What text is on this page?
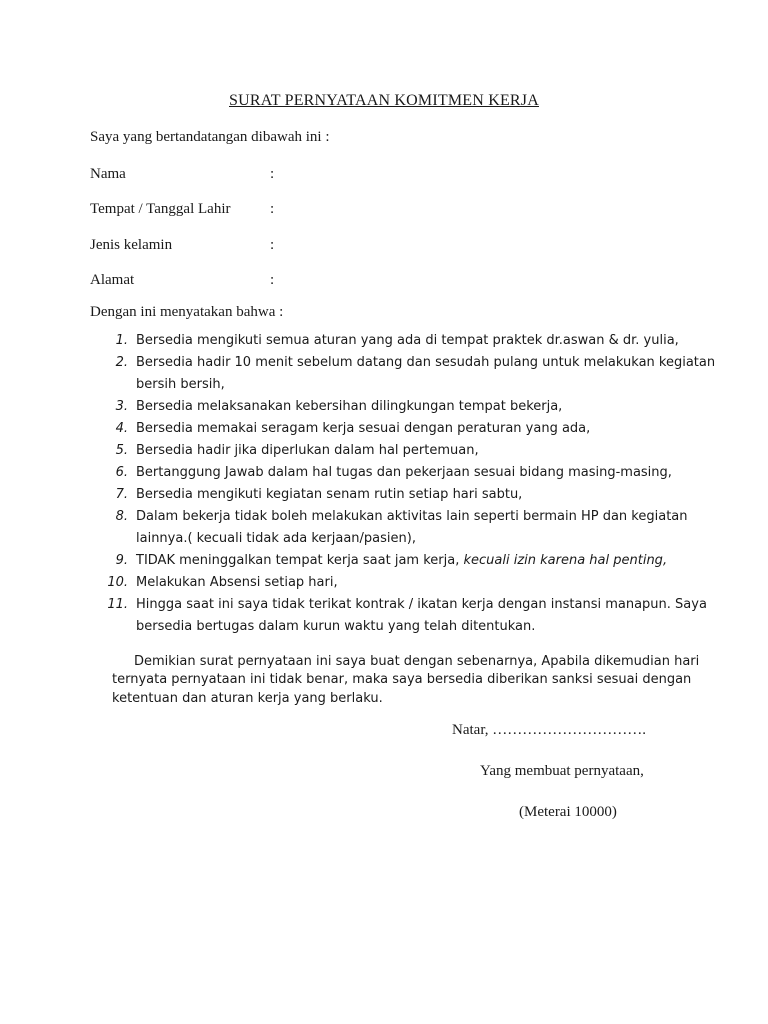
SURAT PERNYATAAN KOMITMEN KERJA
Saya yang bertandatangan dibawah ini :
Nama	:
Tempat / Tanggal Lahir	:
Jenis kelamin	:
Alamat	:
Dengan ini menyatakan bahwa :
1. Bersedia mengikuti semua aturan yang ada di tempat praktek dr.aswan & dr. yulia,
2. Bersedia hadir 10 menit sebelum datang dan sesudah pulang untuk melakukan kegiatan
bersih bersih,
3. Bersedia melaksanakan kebersihan dilingkungan tempat bekerja,
4. Bersedia memakai seragam kerja sesuai dengan peraturan yang ada,
5. Bersedia hadir jika diperlukan dalam hal pertemuan,
6. Bertanggung Jawab dalam hal tugas dan pekerjaan sesuai bidang masing-masing,
7. Bersedia mengikuti kegiatan senam rutin setiap hari sabtu,
8. Dalam bekerja tidak boleh melakukan aktivitas lain seperti bermain HP dan kegiatan
lainnya.( kecuali tidak ada kerjaan/pasien),
9. TIDAK meninggalkan tempat kerja saat jam kerja, kecuali izin karena hal penting,
10. Melakukan Absensi setiap hari,
11. Hingga saat ini saya tidak terikat kontrak / ikatan kerja dengan instansi manapun. Saya
bersedia bertugas dalam kurun waktu yang telah ditentukan.
Demikian surat pernyataan ini saya buat dengan sebenarnya, Apabila dikemudian hari
ternyata pernyataan ini tidak benar, maka saya bersedia diberikan sanksi sesuai dengan
ketentuan dan aturan kerja yang berlaku.
Natar, ………………………….
Yang membuat pernyataan,
(Meterai 10000)
